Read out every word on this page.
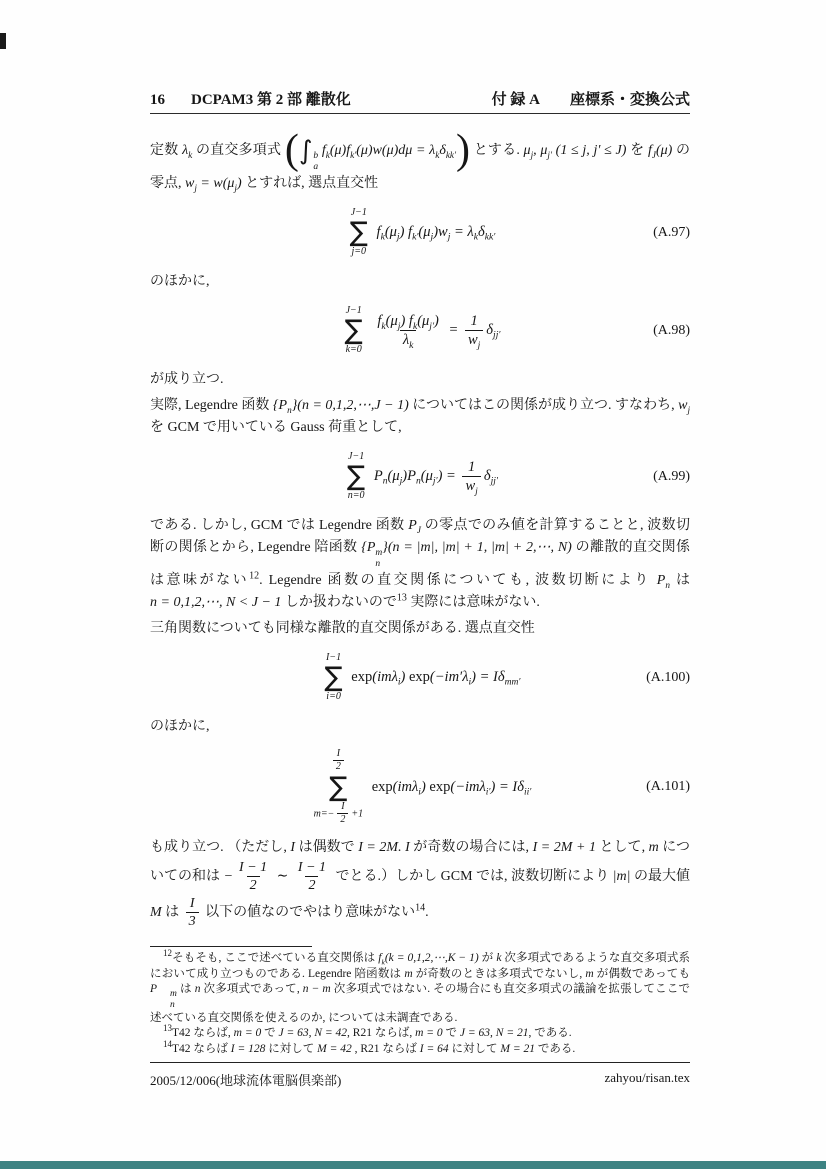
16 DCPAM3 第 2 部 離散化	付 録 A 座標系・変換公式

定数 $\lambda_k$ の直交多項式 (∫ b
a
$f_k(\mu)f_{k'}(\mu)w(\mu)d\mu = \lambda_k\delta_{kk'}$) とする. $\mu_j$, $\mu_{j'}$ (1 ≤ j, j′ ≤ J) を $f_J(\mu)$ の零点, $w_j = w(\mu_j)$ とすれば, 選点直交性

J−1
∑
j=0
$f_k(\mu_j) f_{k'}(\mu_j)w_j = \lambda_k\delta_{kk'}$	(A.97)

のほかに,

J−1
∑
k=0

$\frac{f_k(\mu_j) f_k(\mu_{j'})}{\lambda_k} = \frac{1}{w_j} \delta_{jj'}$	(A.98)

が成り立つ.

実際, Legendre 函数 $\{P_n\}(n$ = 0,1,2,⋯,J − 1) についてはこの関係が成り立つ. すなわち, $w_j$ を GCM で用いている Gauss 荷重として,

J−1
∑
n=0
$P_n(\mu_j)P_n(\mu_{j'}) = \frac{1}{w_j} \delta_{jj'}$	(A.99)

である. しかし, GCM では Legendre 函数 $P_J$ の零点でのみ値を計算することと, 波数切断の関係とから, Legendre 陪函数 {P m
n
}(n = |m|, |m| + 1, |m| + 2,⋯, N) の離散的直交関係は意味がない$^{12}$. Legendre 函数の直交関係についても, 波数切断により $P_n$ は n = 0,1,2,⋯, N < J − 1 しか扱わないので$^{13}$ 実際には意味がない.

三角関数についても同様な離散的直交関係がある. 選点直交性

I−1
∑
i=0
exp(imλ$_i$) $\exp(-im'\lambda_i) = I\delta_{mm'}$	(A.100)

のほかに,

$\frac{I}{2}$
∑
$m=- \frac{I}{2} +1$
exp(imλ$_i$) $\exp(-im\lambda_{i'}) = I\delta_{ii'}$	(A.101)

も成り立つ. （ただし, I は偶数で I = 2M. I が奇数の場合には, I = 2M + 1 として, m についての和は − $\frac{I - 1}{2}$ ∼ $\frac{I - 1}{2}$ でとる.）しかし GCM では, 波数切断により |m| の最大値 M は $\frac{I}{3}$ 以下の値なのでやはり意味がない$^{14}$.

$^{12}$そもそも, ここで述べている直交関係は $f_k(k$ = 0,1,2,⋯,K − 1) が k 次多項式であるような直交多項式系において成り立つものである. Legendre 陪函数は m が奇数のときは多項式でないし, m が偶数であっても P	m
n
は n 次多項式であって, n − m 次多項式ではない. その場合にも直交多項式の議論を拡張してここで述べている直交関係を使えるのか, については未調査である.

$^{13}$T42 ならば, m = 0 で J = 63, N = 42, R21 ならば, m = 0 で J = 63, N = 21, である.

$^{14}$T42 ならば I = 128 に対して M = 42 , R21 ならば I = 64 に対して M = 21 である.

2005/12/006(地球流体電脳倶楽部)	zahyou/risan.tex
